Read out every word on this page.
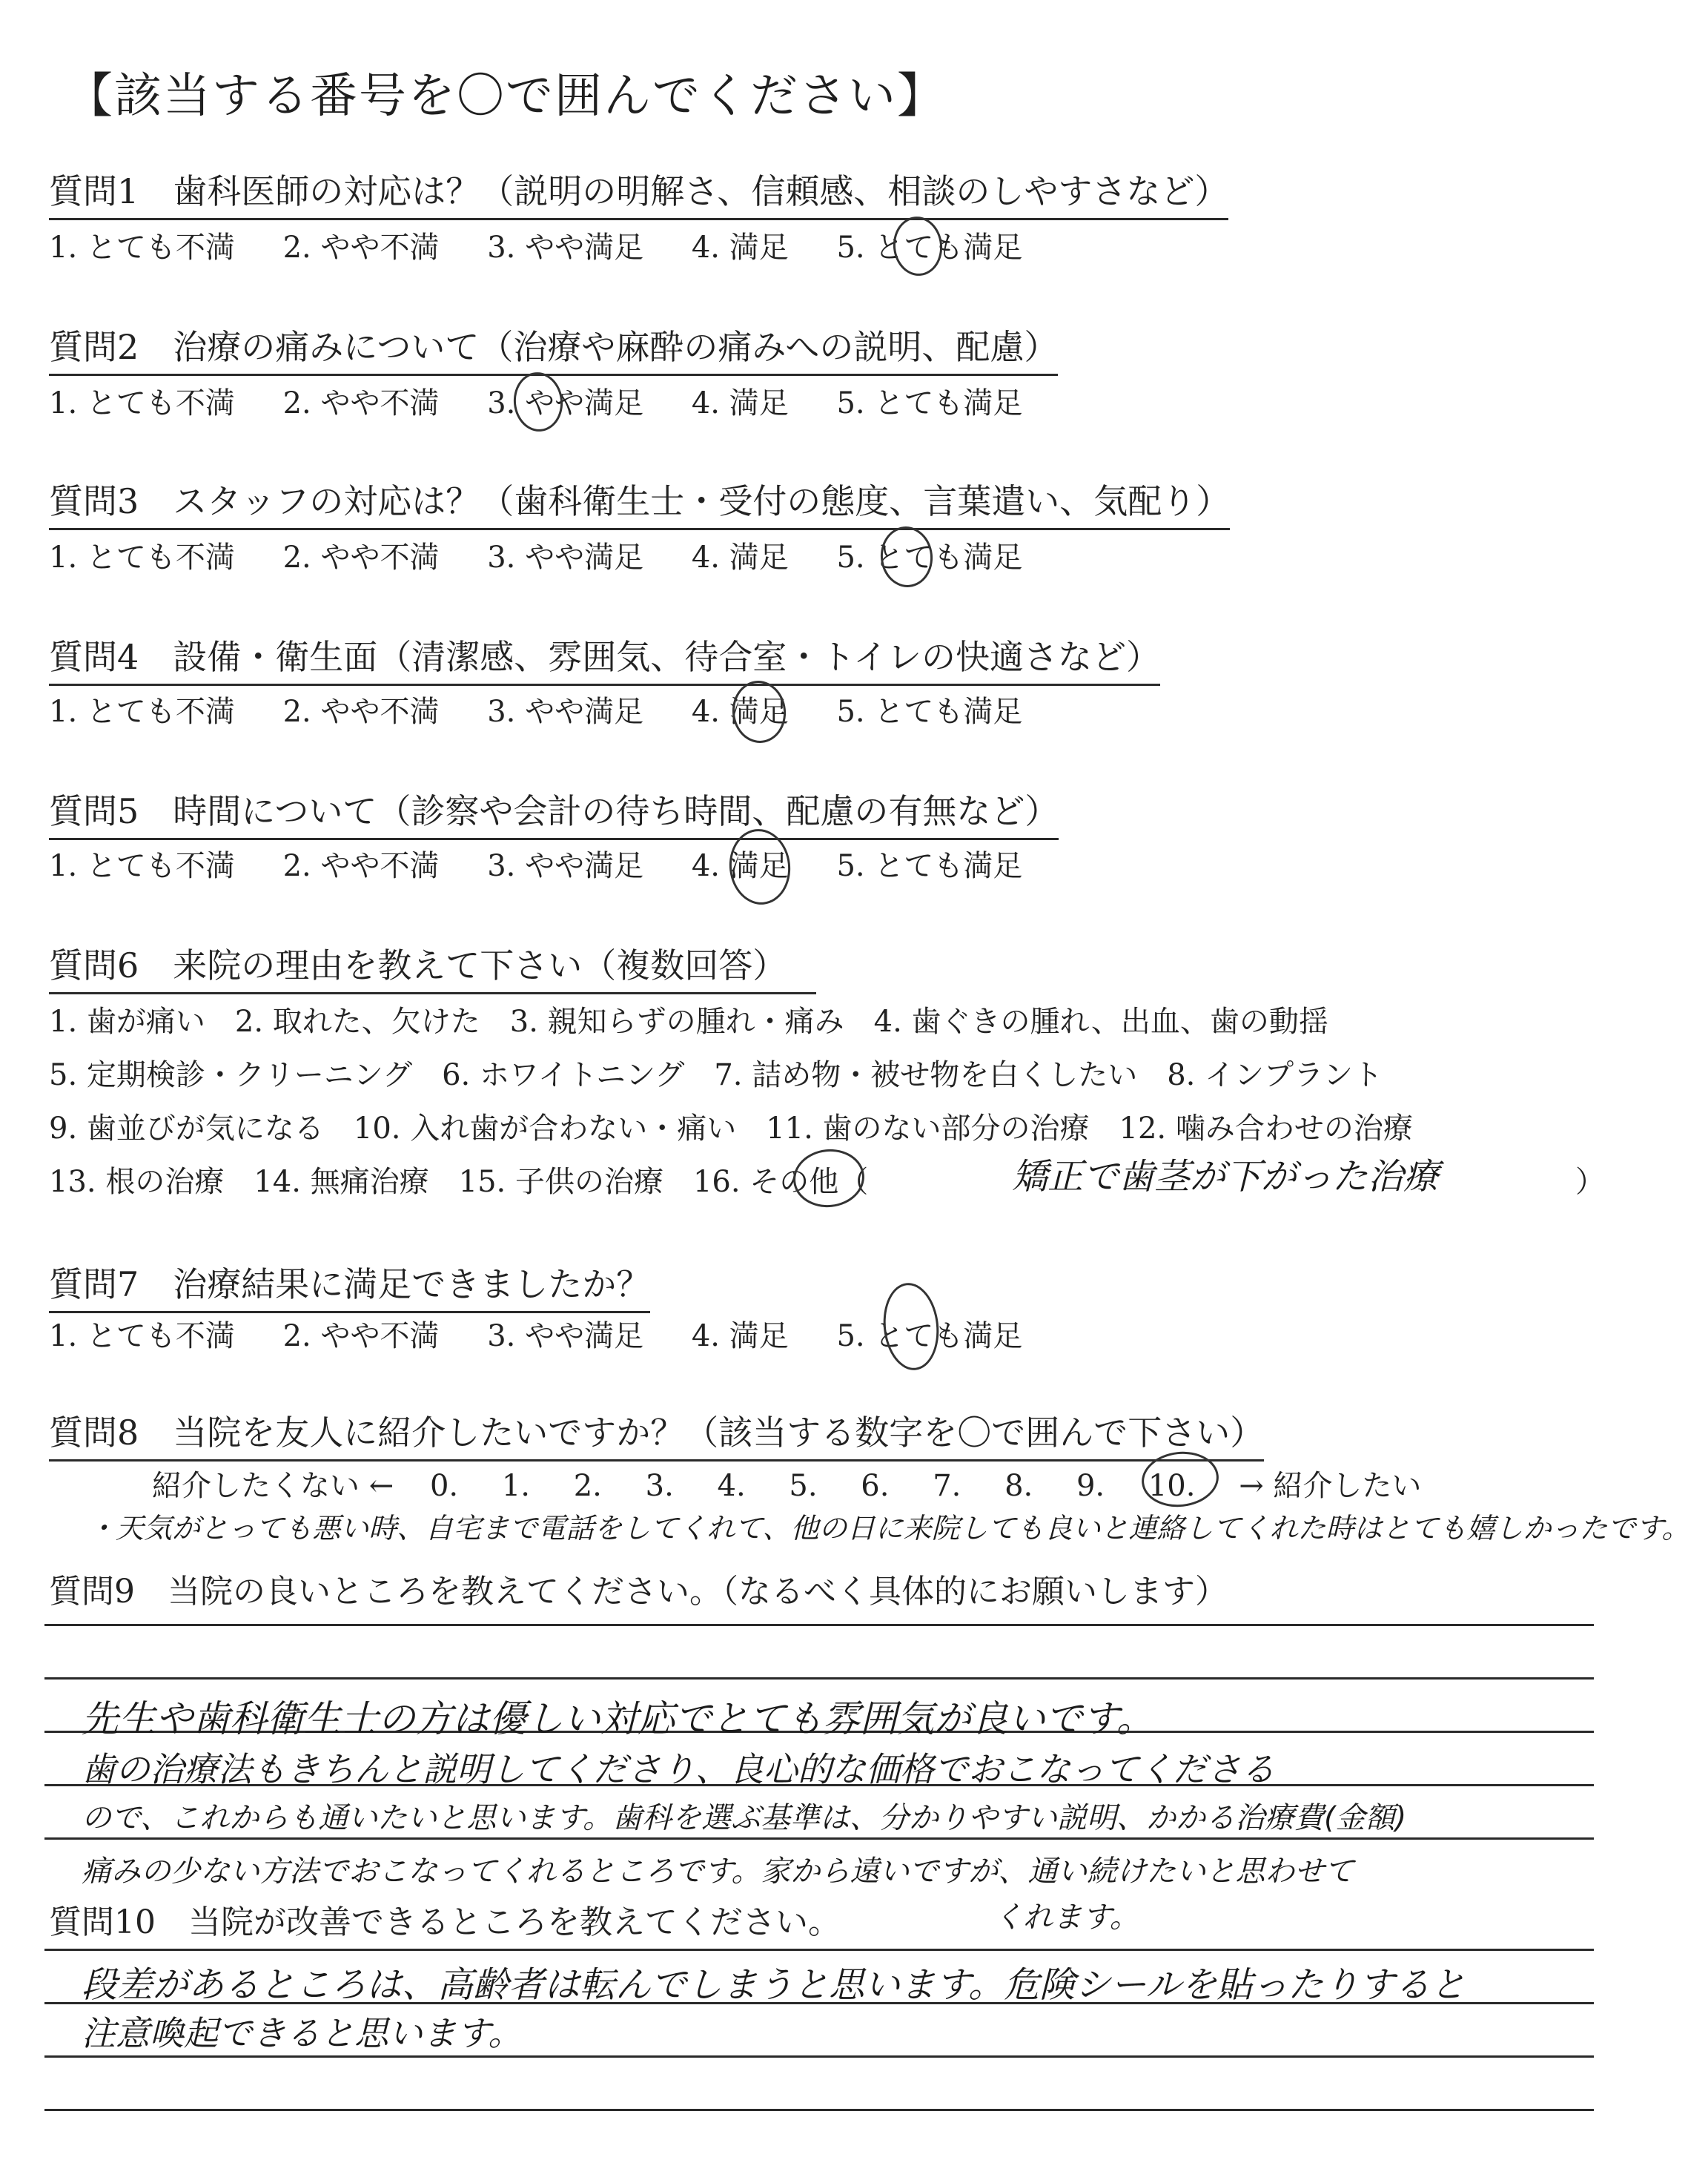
【該当する番号を〇で囲んでください】
質問1　歯科医師の対応は？（説明の明解さ、信頼感、相談のしやすさなど）
1. とても不満 2. やや不満 3. やや満足 4. 満足 5. とても満足
質問2　治療の痛みについて（治療や麻酔の痛みへの説明、配慮）
1. とても不満 2. やや不満 3. やや満足 4. 満足 5. とても満足
質問3　スタッフの対応は？（歯科衛生士・受付の態度、言葉遣い、気配り）
1. とても不満 2. やや不満 3. やや満足 4. 満足 5. とても満足
質問4　設備・衛生面（清潔感、雰囲気、待合室・トイレの快適さなど）
1. とても不満 2. やや不満 3. やや満足 4. 満足 5. とても満足
質問5　時間について（診察や会計の待ち時間、配慮の有無など）
1. とても不満 2. やや不満 3. やや満足 4. 満足 5. とても満足
質問6　来院の理由を教えて下さい（複数回答）
1. 歯が痛い　2. 取れた、欠けた　3. 親知らずの腫れ・痛み　4. 歯ぐきの腫れ、出血、歯の動揺
5. 定期検診・クリーニング　6. ホワイトニング　7. 詰め物・被せ物を白くしたい　8. インプラント
9. 歯並びが気になる　10. 入れ歯が合わない・痛い　11. 歯のない部分の治療　12. 噛み合わせの治療
13. 根の治療　14. 無痛治療　15. 子供の治療　16. その他（	矯正で歯茎が下がった治療	）
質問7　治療結果に満足できましたか？
1. とても不満 2. やや不満 3. やや満足 4. 満足 5. とても満足
質問8　当院を友人に紹介したいですか？（該当する数字を〇で囲んで下さい）
紹介したくない ← 0. 1. 2. 3. 4. 5. 6. 7. 8. 9. 10. → 紹介したい
・天気がとっても悪い時、自宅まで電話をしてくれて、他の日に来院しても良いと連絡してくれた時はとても嬉しかったです。
質問9　当院の良いところを教えてください。（なるべく具体的にお願いします）
先生や歯科衛生士の方は優しい対応でとても雰囲気が良いです。
歯の治療法もきちんと説明してくださり、良心的な価格でおこなってくださる
ので、これからも通いたいと思います。歯科を選ぶ基準は、分かりやすい説明、かかる治療費(金額)
痛みの少ない方法でおこなってくれるところです。家から遠いですが、通い続けたいと思わせて
質問10　当院が改善できるところを教えてください。	くれます。
段差があるところは、高齢者は転んでしまうと思います。危険シールを貼ったりすると
注意喚起できると思います。
